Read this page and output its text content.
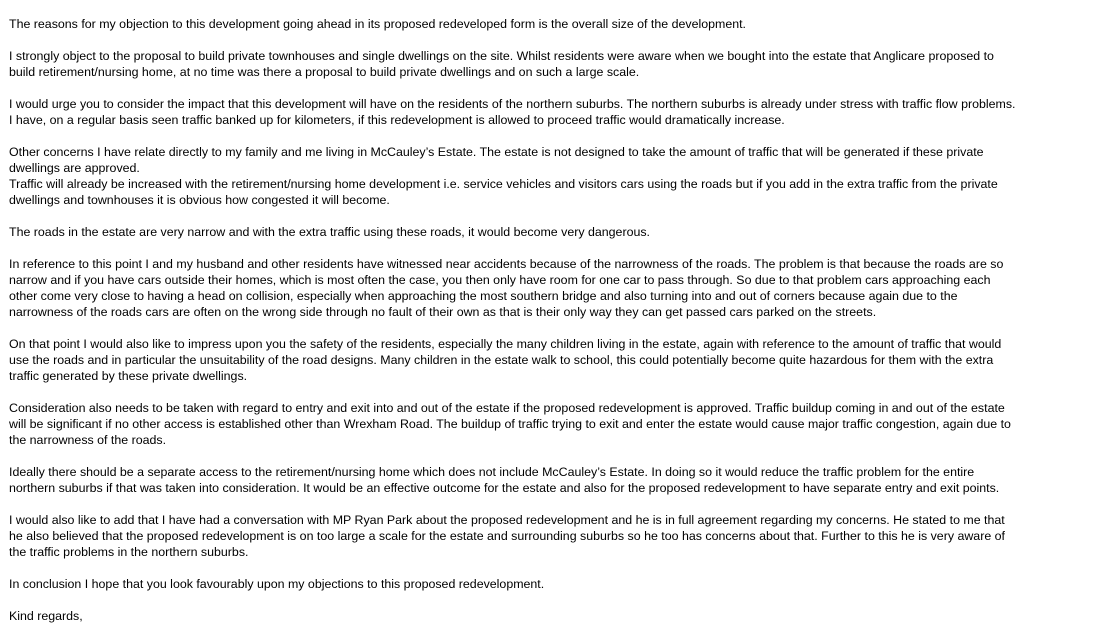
The reasons for my objection to this development going ahead in its proposed redeveloped form is the overall size of the development.

I strongly object to the proposal to build private townhouses and single dwellings on the site. Whilst residents were aware when we bought into the estate that Anglicare proposed to
build retirement/nursing home, at no time was there a proposal to build private dwellings and on such a large scale.

I would urge you to consider the impact that this development will have on the residents of the northern suburbs. The northern suburbs is already under stress with traffic flow problems.
I have, on a regular basis seen traffic banked up for kilometers, if this redevelopment is allowed to proceed traffic would dramatically increase.

Other concerns I have relate directly to my family and me living in McCauley’s Estate. The estate is not designed to take the amount of traffic that will be generated if these private
dwellings are approved.
Traffic will already be increased with the retirement/nursing home development i.e. service vehicles and visitors cars using the roads but if you add in the extra traffic from the private
dwellings and townhouses it is obvious how congested it will become.

The roads in the estate are very narrow and with the extra traffic using these roads, it would become very dangerous.

In reference to this point I and my husband and other residents have witnessed near accidents because of the narrowness of the roads. The problem is that because the roads are so
narrow and if you have cars outside their homes, which is most often the case, you then only have room for one car to pass through. So due to that problem cars approaching each
other come very close to having a head on collision, especially when approaching the most southern bridge and also turning into and out of corners because again due to the
narrowness of the roads cars are often on the wrong side through no fault of their own as that is their only way they can get passed cars parked on the streets.

On that point I would also like to impress upon you the safety of the residents, especially the many children living in the estate, again with reference to the amount of traffic that would
use the roads and in particular the unsuitability of the road designs. Many children in the estate walk to school, this could potentially become quite hazardous for them with the extra
traffic generated by these private dwellings.

Consideration also needs to be taken with regard to entry and exit into and out of the estate if the proposed redevelopment is approved. Traffic buildup coming in and out of the estate
will be significant if no other access is established other than Wrexham Road. The buildup of traffic trying to exit and enter the estate would cause major traffic congestion, again due to
the narrowness of the roads.

Ideally there should be a separate access to the retirement/nursing home which does not include McCauley’s Estate. In doing so it would reduce the traffic problem for the entire
northern suburbs if that was taken into consideration. It would be an effective outcome for the estate and also for the proposed redevelopment to have separate entry and exit points.

I would also like to add that I have had a conversation with MP Ryan Park about the proposed redevelopment and he is in full agreement regarding my concerns. He stated to me that
he also believed that the proposed redevelopment is on too large a scale for the estate and surrounding suburbs so he too has concerns about that. Further to this he is very aware of
the traffic problems in the northern suburbs.

In conclusion I hope that you look favourably upon my objections to this proposed redevelopment.

Kind regards,
